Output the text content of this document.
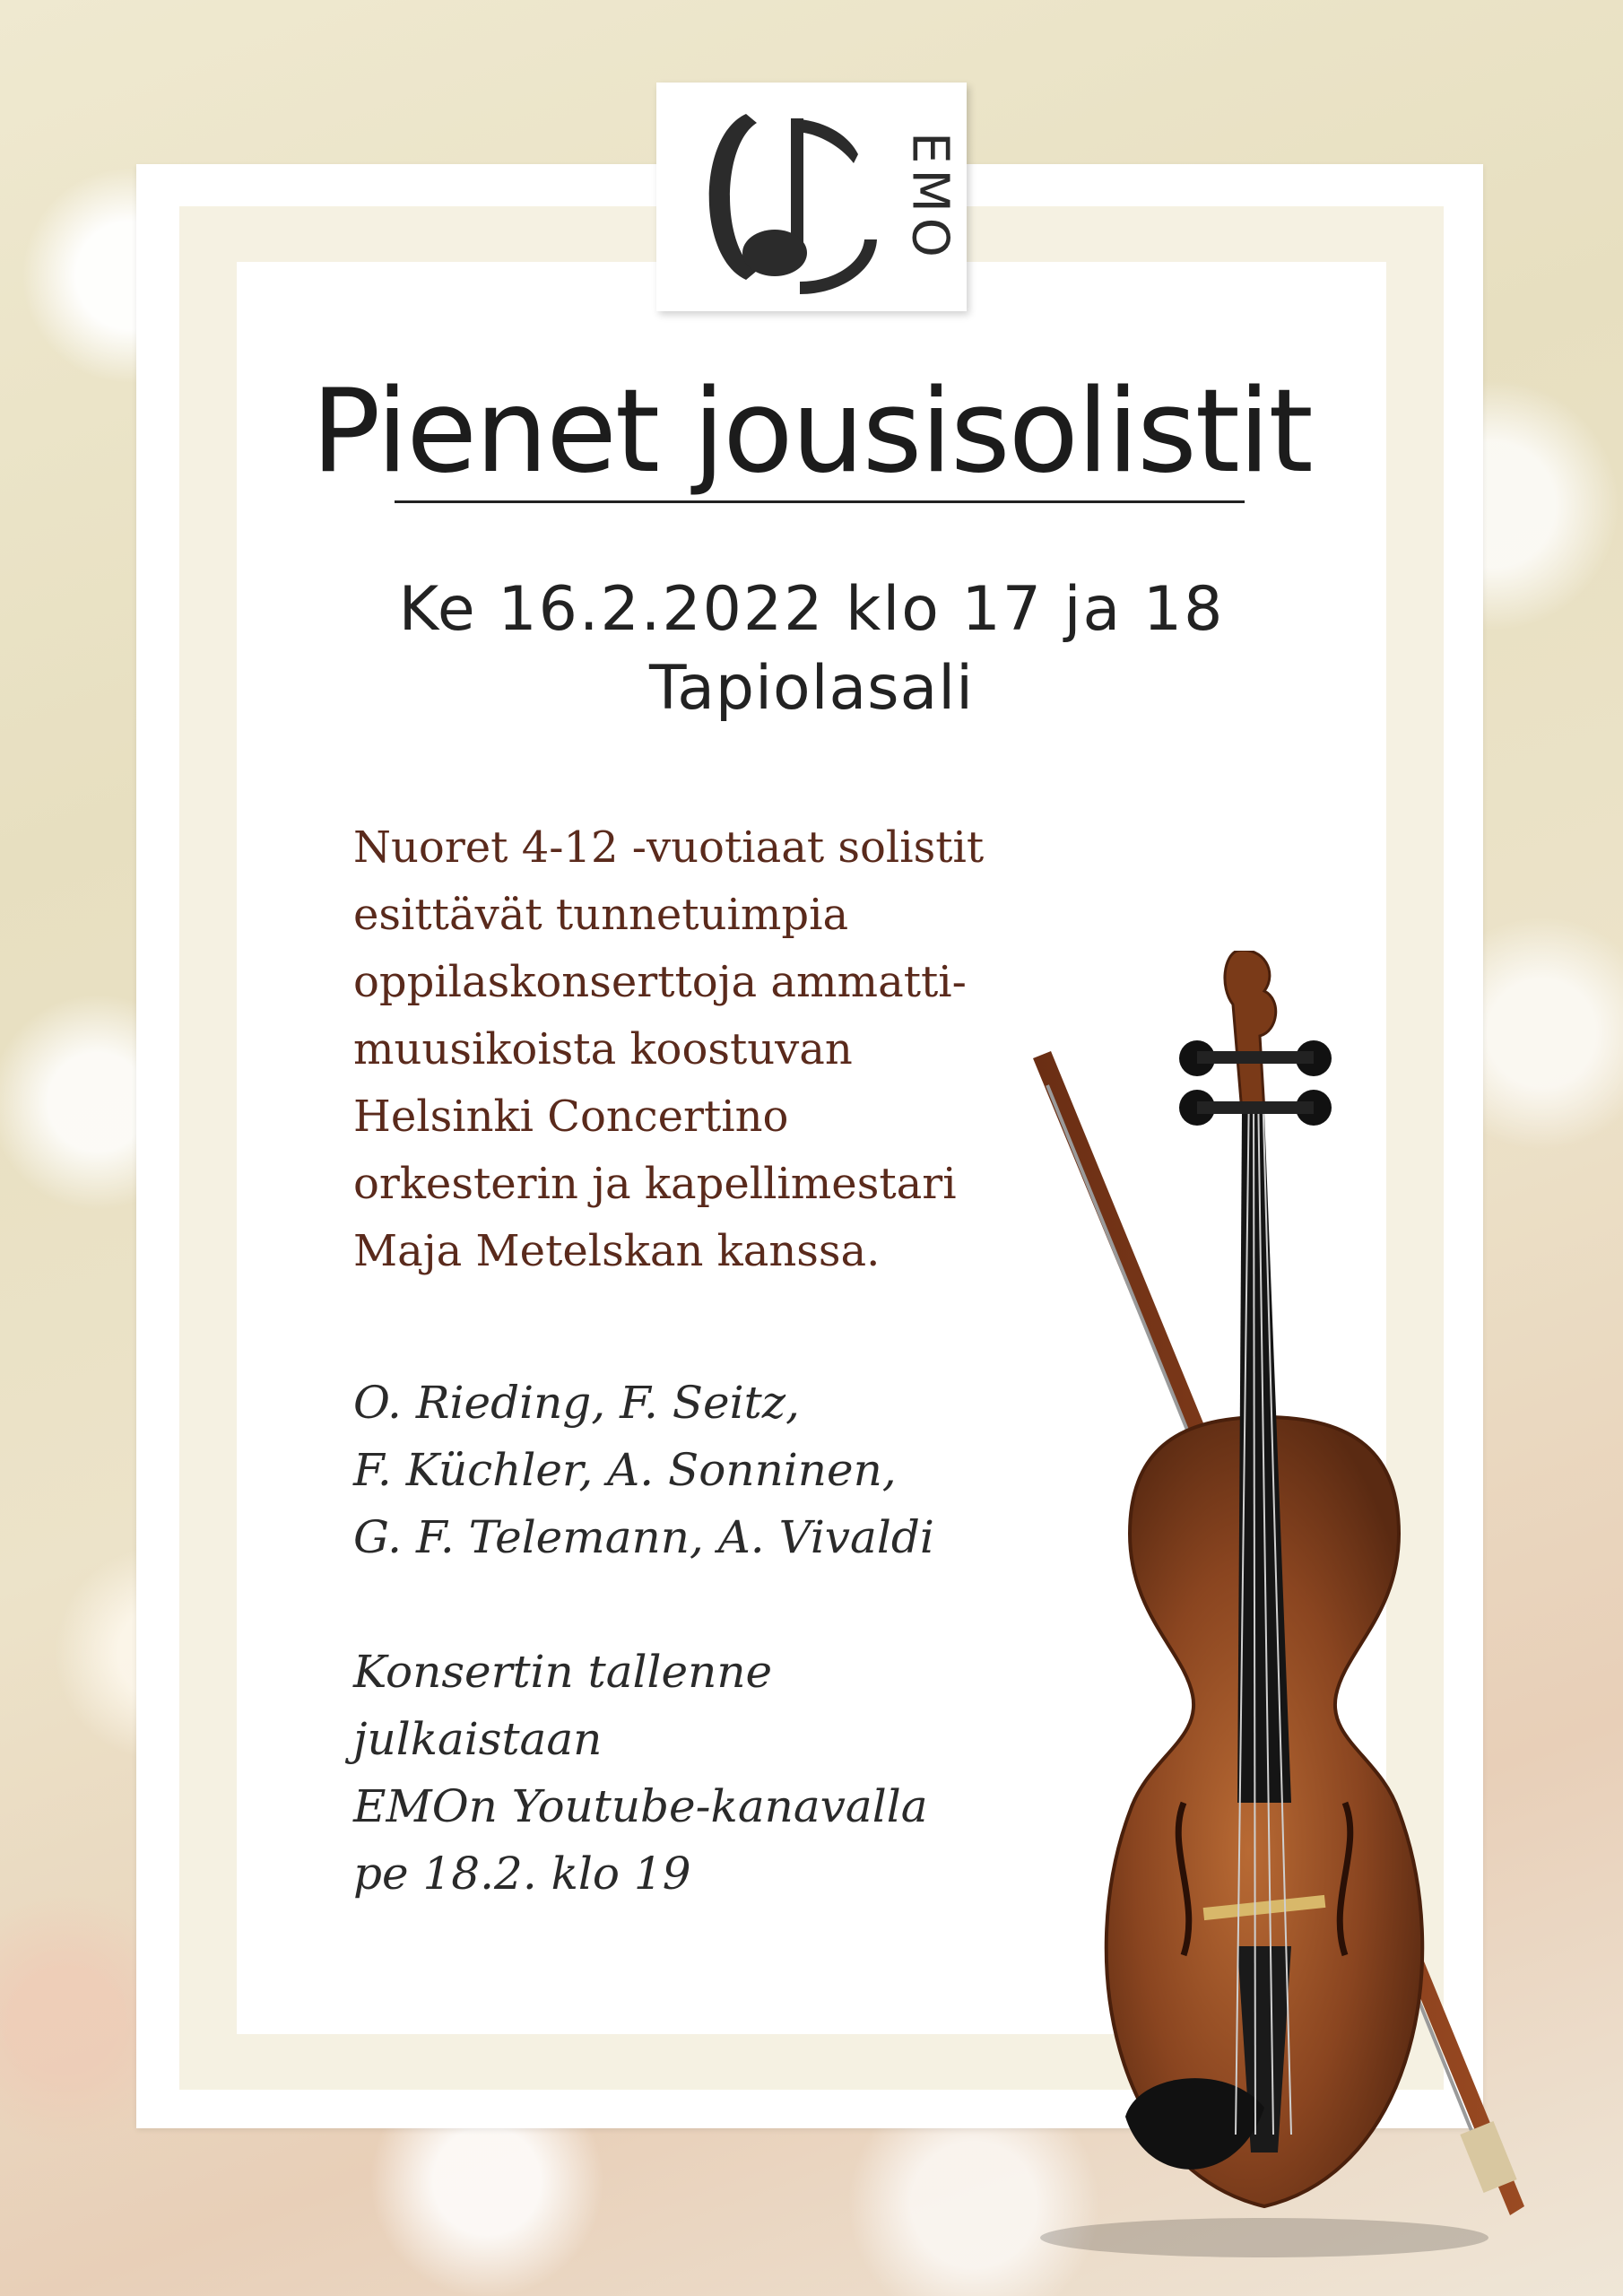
EMO
Pienet jousisolistit
Ke 16.2.2022 klo 17 ja 18
Tapiolasali
Nuoret 4-12 -vuotiaat solistit
esittävät tunnetuimpia
oppilaskonserttoja ammatti-
muusikoista koostuvan
Helsinki Concertino
orkesterin ja kapellimestari
Maja Metelskan kanssa.
O. Rieding, F. Seitz,
F. Küchler, A. Sonninen,
G. F. Telemann, A. Vivaldi
Konsertin tallenne
julkaistaan
EMOn Youtube-kanavalla
pe 18.2. klo 19
